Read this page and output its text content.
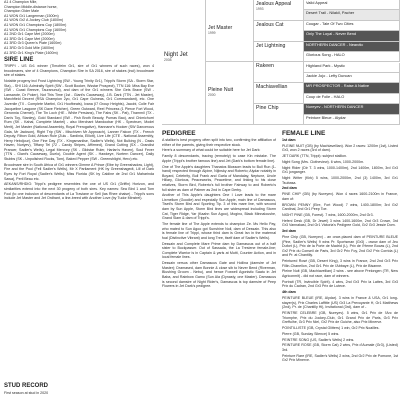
A1 4 Champion Mile,
Champion Middle-distance horse,
Champion Older Male
A1 WON Gr1 Langerman (1500m)
A1 WON Gr2 A Jockey Club (1800m)
A1 WON Gr1 Champions Cup (1800m)
A1 WON Gr1 Champions Cup (1600m)
A1 2ND Gr1 Cape Met (2000m)
A1 3RD Gr1 Cape Met (2000m)
A1 3RD Gr3 Queen's Plate (1600m)
A1 3RD Gr3 Gold Mile (1600m)
A1 3RD Gr1 King's Plate (1600m)
SIRE LINE

TRIPPI - US Gr1 winner (Timofeim Gr1, sire of Gr1 winners of such races), won 4 broodmares, sire of 4 Champions, Champion Sire in SA 2016, sire of stakes (incl) broodmare sire of stakes.

Notable progeny incl Frost Lightning (SW - Young Trinity Gr1), Trippi's Storm (SA - Storm Star, Sta), - SHI 116; Admiralty Spirit (SW - Scott Booker, Wsstar Prospect), TTN 116: Miss Bay Eve (SW - Coast Breeze, Tauranunui), and dam of the Gr1 winners She Gets Brave (SW - Lansarote, Dr Poker), Not This Time (1st - Giant's Causeway), J.B. Dark (TTN - Jet Master), Marchfield Decent (RSA Champion 2yo, Gr1 Cape Guineas, Gr1 Commandant), etc. One Juvenile (TX - Complete Martini, Gr1 Hoofbeats), Ivana (I7 Group Heights), Jacobi, Colle Fair Jacqueline Lasgone (SK Dave Fletcher), Green Outward, Reel Princess (1 Pierce Fort Wood, Geronnia Chemel), The Tin Loch (HE - White Persians), The Fabs (SK - Pat), Thammil (TX - Dan's Toy, Stanley), Gold Standard (SW - Fish Broth Beauty, Pumas Bao), and Chimichurri Rum (SK - Kahal, Complete Mantel) - also Merchant Mandoobar (HK - Spectrum, Model Merit), Jet Master (National Assembly, Royal Prerogative), Hannane's Hooker (SW Dancerous Gala, Mr Jackson), Right Trip (SW - Mischiven Mr Approach), Lanner Falcon (TX - French Deputy, Ribon Gold, African Rule (Zulu - Sardinia, Elliott), Live Life (CTE - National Assembly, Herry Hebdjour), One Fine Day (TX - Kingsmanlise, Sadler's Wells), Not Bulking (N - Oasis Haven, Nuriyev), Tiffany Tel (72 - Candy Stripes, Affirmed), Grand Cutting (SX - Grandist Prancer, Sadler's Wells), Legal Mercury (SK - Glidstar Ruler, Harlan's Haven), Soul Fever (TTN - Giant's Causeway, Duelo), Double Agent (SK - Hawkeye, Nortern Dancer), Daily Stubbs (SK - Unpolished Rocks, Tom), Baked Pepper (SW - Greenshlight, Hero) etc.

Broodmare sire in South Africa of Gr1 winners Gimme A Prince (Elbe by Greenshadow, Light), Fire and the Pool (Fell Sadler's Wells), Mr X Parliament (HK by Greenshagedt, Lill of Dark Eyes by Fort Royal (Sadler's Wells); Miss Florida (SK by Caldine de 2nd Gr1 Maharinda Sawa), Peril Beau etc.

AEKANS/RHDIG: Trippi's pedigree resembles the one of US Gr1 (Griffin) Horizon, and similarities extend into the next 30 progeny of both sires. Key names: Sea Bird 1 and Tom Fool (to one inclusion of descendants of La Traviane or Sell (las Rhee chaise) - Trippi's sons include Jet Master and Jet Ordhant, a line-breed with Another Love (by Tudor Minstrel).

STUD RECORD
First season at stud in 2020
Night Jet
2008
Jet Master
1999
Pleine Nuit
2000
Jealous Appeal
1993
Jealous Cat
Jet Lightning
Rakeen
Machiavellian
Pine Chip
Valid Appeal
Desert Trail - Nilakil, Pacher
Cougar - Tale Of Two Cities
Only The Loyal - Never Bend
NORTHERN DANCER - Nearctic
Glorious Song - HALO
Highland Park - Mystic
Jackie Jojo - Lefty Duncan
MR PROSPECTOR - Raise A Native
Coup de Folie - HALO
Nureyev - NORTHERN DANCER
Peinture Bleue - Alydar
PEDIGREE

A stallion's best progeny often split into two, confirming the affiliation of either of the parents, giving their respective stock.

Here's a summary of what could be suitable here for Jet Dark:

Family 8 descendants, tracing (remotely) to case Kin mistake. The Apple (Trippi's brother famous line) and Jet (Dark's bottom female line).

One of The Apple's daughters Thanatos Blossom leads to Bull Run (1-hand) respected through Alpine, Nijinsky and Roberto; Alydar notably in Boyard, Celebrity, Bull Frank and Garla of Mandalay, Neptune, Uncle Hillary, Glorious, Peaceworks, Peacetime, and linking to his close relatives, Storm Bird, Roberto's full brother Fairway to and Roberto's full sister as dam of Palmer as 2nd in Cape Derby.

Another of This Apple's daughters One I Love leads to the mare Lixmellum (Goodie) and especially Sun Apple, main line of Damascus, Tiseti's Storm Bird and Sporting Tip. 3 of this mare line, with second dam by Sun Apple, Storm Bird lines are widespread including Storm Cat, Tiger Ridge, Yar (Kaahn Sun Agoo), Mogino, Black Minnaloushe, Grand Slam & dam of Trippi's.

The female line of The Apple extends to champion Ze. Ms Hello Pay, who mated to Sun Agoo got Sunshine Noll, dam of Dessain. This also is female line of Trippi, whose third dam is Great Isn in the maternal foal (Distinctive Vibrant) and long Tree, itself dam of Sadler's Wells).

Dessain and Complete Mare Prime dam by Damascus out of a half sister to Buckpasser. Out of Sassada, the La Tresiene female-line; Complete Warrior is in Captain & yarls at Mutti, Counter Action, and in local female lines.

Dessain versus other Damascus Gate and Hollina (damsire of Jet Master); Dramased, dam Bonnie & close sib to Never Bend (Riverman, Blushing Groom - Nebu), and hence Foxwell Agonistic Saatu in Jet Baba, and Rainbow Gamo (Sun Ala (Dynasty, one Master). Damascus is second damsire of Night Rider's, Damascus is top damsire of Peep Flowers in Jet Dark's pedigree.

FEMALE LINE

1st dam

PLEINE NUIT (GB) (by Machiavellian). Won 2 races: 1200m (1st), Listed Gr3, won 2 races (3rd of dam).

JET DARK (TTN, Trippi): subject stallion.

Night Song (Mrs. Clotheview). 6 wins, 1000-2000m.

Night Rider (Dir T. 3 wins, 1000-1400m), 2nd 1400m, 1800m, 3rd Gr3 Gr1 jonganger.

Night Writer (Kirk) 5 wins, 1000-2000m, 2nd (3) 1400m, 3rd Gr1 Tsubasa.

2nd dam

PINE CHIP (GB) (by Nureyev). Won 4 races 1600-2100m in France, dam of:

BROWN PENNY (Eire, Fort Wood) 7 wins, 1400-1800m; 3rd Gr2 Cardinal, 2nd Gr1 Peep Toe.

NIGHT PINE (GB, Forest). 7 wins, 1600-2000m, 2nd Gr3.

Hefeni Desk (GB, Dr Jewel) 3 wins 1400-1600m, 2nd Gr3 Crown, 3rd Gr3 Vannakasi, 2nd Gr1 Victoria's Pedigree Gold, Gr2 Gr3 Jessie Dom.

3rd dam

Pine Chip (GB, Nureyev) - an once-placed dam of PEINTURE BLEUE (Pine, Sadler's Wells) 9 wins Pr. Sportsman (Gr3) - ownw dam of Jeu Dufort (L), Prix de la Porte de Madrid (L), Prix de l'Heme Bocas (L), 2nd Gr2 Prix du Conseil de Paris, 3rd Gr2 Prix Foy, 2nd Gr2 Prix Corrida (L) and Pr. at Chantilly.

Peintured Rosé (GB, Desert King), 3 wins in France, 2nd 2nd Gr3 Prix Fillin-Chanellon, 2nd Gr1 Prix de l'Abbaye (L), Prix de Bisanne.

Pleine Nuit (GB, Machiavellian) 2 wins - see above Prelongen (TR, New Agriconmit) - did not race, dam of winners.

Portrait (TR, Invincible Spirit). 4 wins, 2nd Gr3 Prix la Lattes, 3rd Gr3 Prix du Cadran, 2nd Gr3 Prix de Lutece.

4th dam

PEINTURE BLEUE (IRE, Alydar). 3 wins in France & USA, Gr1 long-stayer(s), Prix Charles Laffitte (US) Gr3 La Prevoyante H, Gr1 Matthews (2nd), Pr. de (Chantilly Hi), Invitational (3rd), dam of -

PEINTRE CELEBRE (GB, Nureyev). 5 wins, Gr1 Prix de l'Arc de Triomphe, Prix du Jockey-Club, Gr1 Grand Prix de Paris, Gr3 Prix Greffulhe, Gr3 Prix Niel, Gr2 Prix de Guiche, also Prix Minerve.

POINTILLISTE (GB, Crystal Glitters) 1 win, Gr2 Prix Noailles.

Pierre (GB, Sunday Silence) 5 wins.

PEINTRE SONG (US, Sadler's Wells) 2 wins.

PEINTURE ROSE (GB, Storm Cat) 2 wins, Prix d'Aumale (Gr3), (Listed) 3rd.

Peinture Rare (IRE, Sadler's Wells) 2 wins, 2nd Gr2 Prix de Pomone, 1st Gr2 Prix Minerve.
